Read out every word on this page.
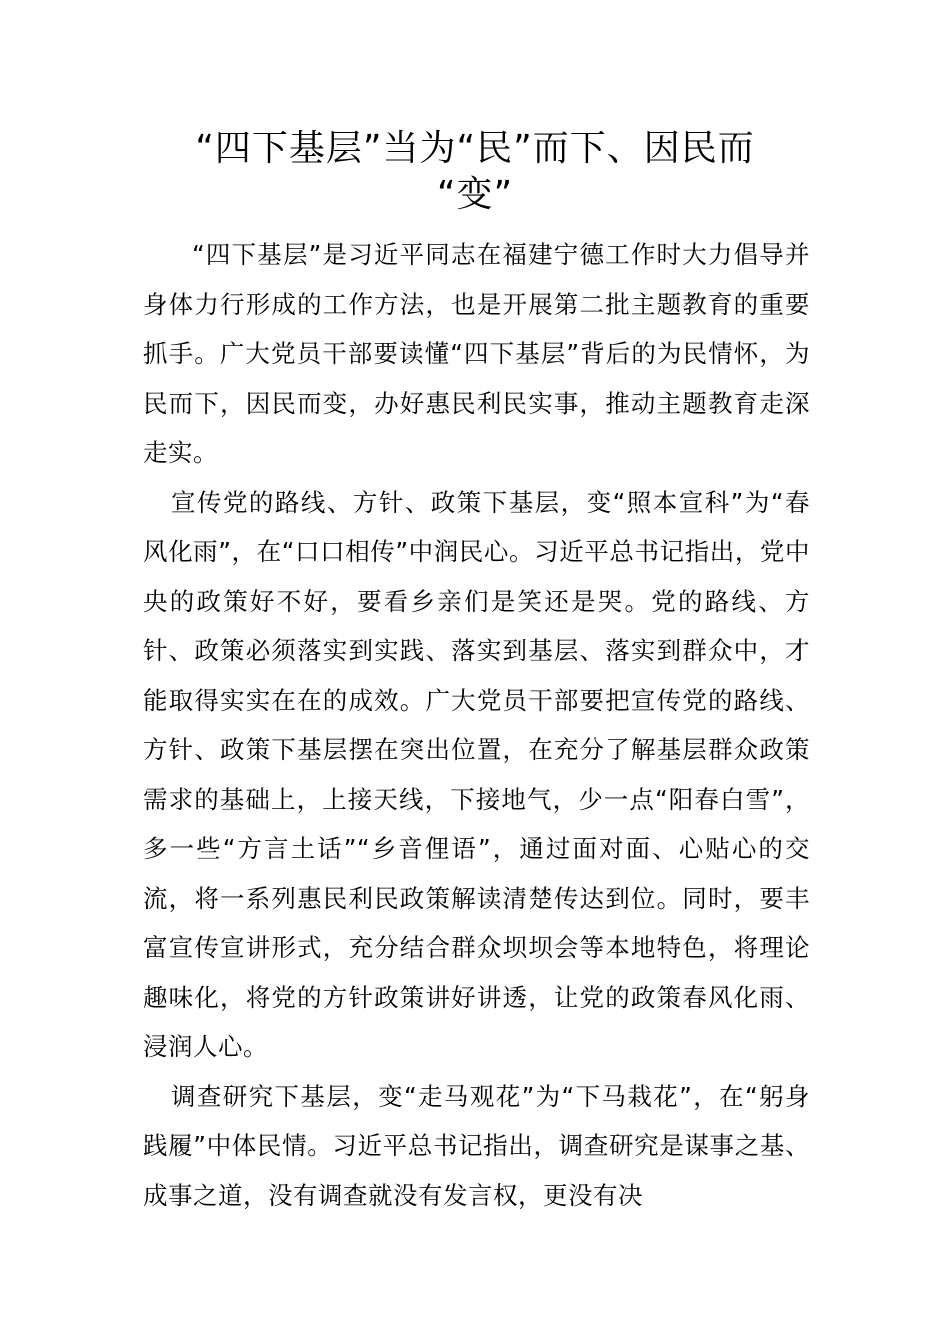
“四下基层”当为“民”而下、因民而
“变”

“四下基层”是习近平同志在福建宁德工作时大力倡导并身体力行形成的工作方法，也是开展第二批主题教育的重要抓手。广大党员干部要读懂“四下基层”背后的为民情怀，为民而下，因民而变，办好惠民利民实事，推动主题教育走深走实。

宣传党的路线、方针、政策下基层，变“照本宣科”为“春风化雨”，在“口口相传”中润民心。习近平总书记指出，党中央的政策好不好，要看乡亲们是笑还是哭。党的路线、方针、政策必须落实到实践、落实到基层、落实到群众中，才能取得实实在在的成效。广大党员干部要把宣传党的路线、方针、政策下基层摆在突出位置，在充分了解基层群众政策需求的基础上，上接天线，下接地气，少一点“阳春白雪”，多一些“方言土话”“乡音俚语”，通过面对面、心贴心的交流，将一系列惠民利民政策解读清楚传达到位。同时，要丰富宣传宣讲形式，充分结合群众坝坝会等本地特色，将理论趣味化，将党的方针政策讲好讲透，让党的政策春风化雨、浸润人心。

调查研究下基层，变“走马观花”为“下马栽花”，在“躬身践履”中体民情。习近平总书记指出，调查研究是谋事之基、成事之道，没有调查就没有发言权，更没有决
